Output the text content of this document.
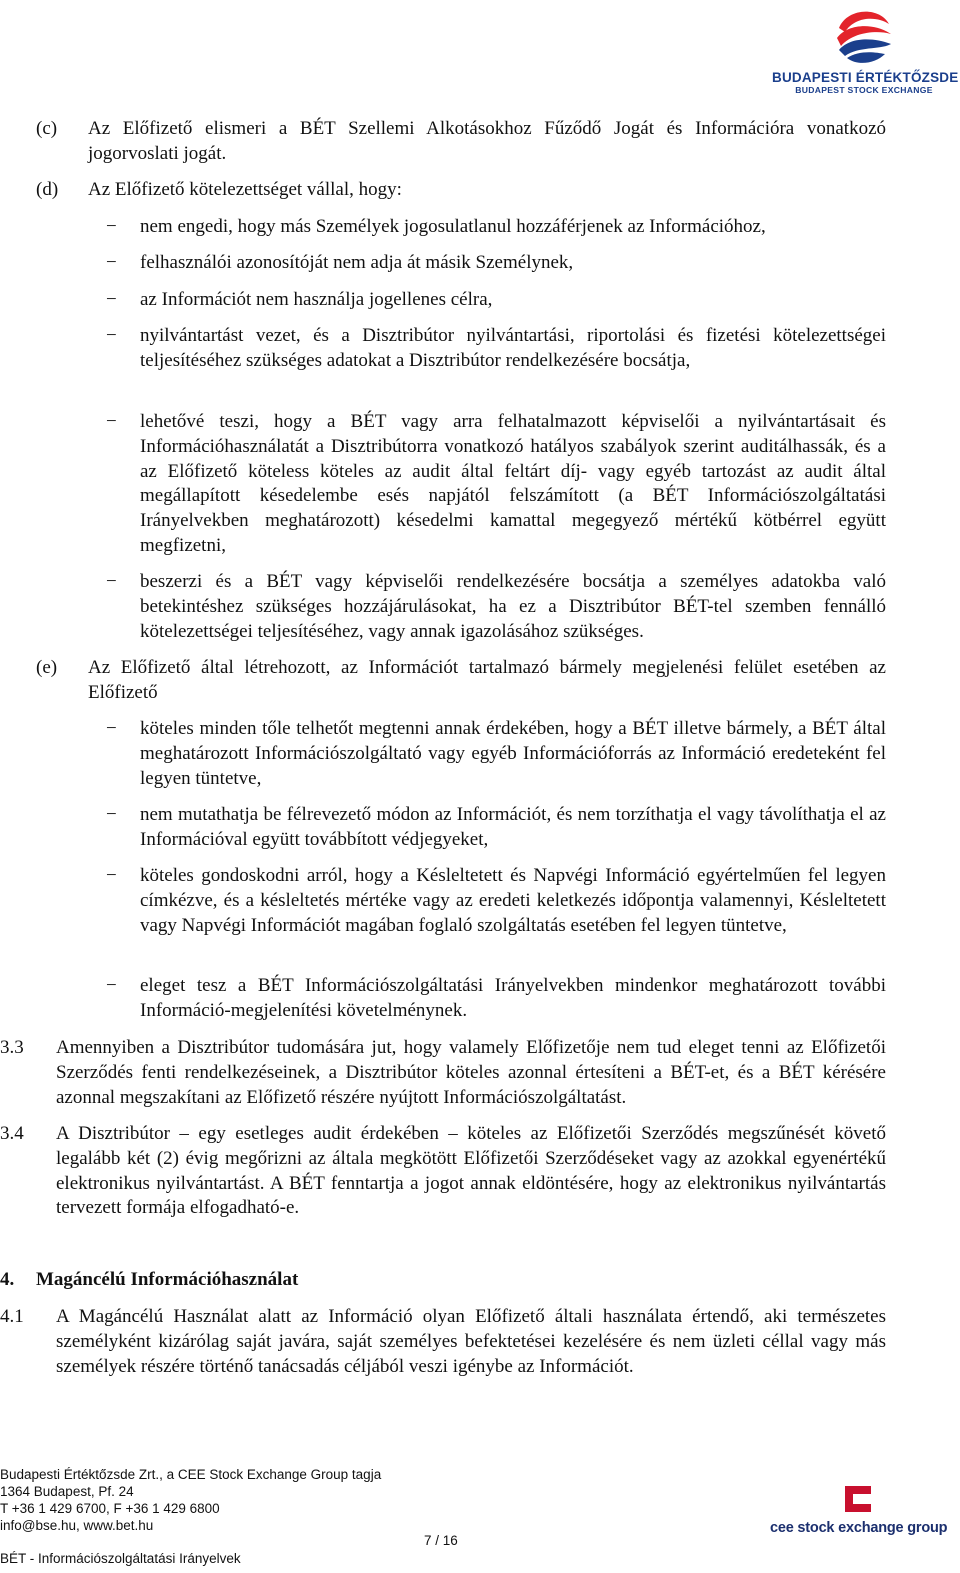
BUDAPESTI ÉRTÉKTŐZSDE
BUDAPEST STOCK EXCHANGE
(c) Az Előfizető elismeri a BÉT Szellemi Alkotásokhoz Fűződő Jogát és Információra vonatkozó jogorvoslati jogát.
(d) Az Előfizető kötelezettséget vállal, hogy:
− nem engedi, hogy más Személyek jogosulatlanul hozzáférjenek az Információhoz,
− felhasználói azonosítóját nem adja át másik Személynek,
− az Információt nem használja jogellenes célra,
− nyilvántartást vezet, és a Disztribútor nyilvántartási, riportolási és fizetési kötelezettségei teljesítéséhez szükséges adatokat a Disztribútor rendelkezésére bocsátja,
− lehetővé teszi, hogy a BÉT vagy arra felhatalmazott képviselői a nyilvántartásait és Információhasználatát a Disztribútorra vonatkozó hatályos szabályok szerint auditálhassák, és a az Előfizető köteless köteles az audit által feltárt díj- vagy egyéb tartozást az audit által megállapított késedelembe esés napjától felszámított (a BÉT Információszolgáltatási Irányelvekben meghatározott) késedelmi kamattal megegyező mértékű kötbérrel együtt megfizetni,
− beszerzi és a BÉT vagy képviselői rendelkezésére bocsátja a személyes adatokba való betekintéshez szükséges hozzájárulásokat, ha ez a Disztribútor BÉT-tel szemben fennálló kötelezettségei teljesítéséhez, vagy annak igazolásához szükséges.
(e) Az Előfizető által létrehozott, az Információt tartalmazó bármely megjelenési felület esetében az Előfizető
− köteles minden tőle telhetőt megtenni annak érdekében, hogy a BÉT illetve bármely, a BÉT által meghatározott Információszolgáltató vagy egyéb Információforrás az Információ eredeteként fel legyen tüntetve,
− nem mutathatja be félrevezető módon az Információt, és nem torzíthatja el vagy távolíthatja el az Információval együtt továbbított védjegyeket,
− köteles gondoskodni arról, hogy a Késleltetett és Napvégi Információ egyértelműen fel legyen címkézve, és a késleltetés mértéke vagy az eredeti keletkezés időpontja valamennyi, Késleltetett vagy Napvégi Információt magában foglaló szolgáltatás esetében fel legyen tüntetve,
− eleget tesz a BÉT Információszolgáltatási Irányelvekben mindenkor meghatározott további Információ-megjelenítési követelménynek.
3.3 Amennyiben a Disztribútor tudomására jut, hogy valamely Előfizetője nem tud eleget tenni az Előfizetői Szerződés fenti rendelkezéseinek, a Disztribútor köteles azonnal értesíteni a BÉT-et, és a BÉT kérésére azonnal megszakítani az Előfizető részére nyújtott Információszolgáltatást.
3.4 A Disztribútor – egy esetleges audit érdekében – köteles az Előfizetői Szerződés megszűnését követő legalább két (2) évig megőrizni az általa megkötött Előfizetői Szerződéseket vagy az azokkal egyenértékű elektronikus nyilvántartást. A BÉT fenntartja a jogot annak eldöntésére, hogy az elektronikus nyilvántartás tervezett formája elfogadható-e.
4. Magáncélú Információhasználat
4.1 A Magáncélú Használat alatt az Információ olyan Előfizető általi használata értendő, aki természetes személyként kizárólag saját javára, saját személyes befektetései kezelésére és nem üzleti céllal vagy más személyek részére történő tanácsadás céljából veszi igénybe az Információt.
Budapesti Értéktőzsde Zrt., a CEE Stock Exchange Group tagja
1364 Budapest, Pf. 24
T +36 1 429 6700, F +36 1 429 6800
info@bse.hu, www.bet.hu
BÉT - Információszolgáltatási Irányelvek
7 / 16
cee stock exchange group
